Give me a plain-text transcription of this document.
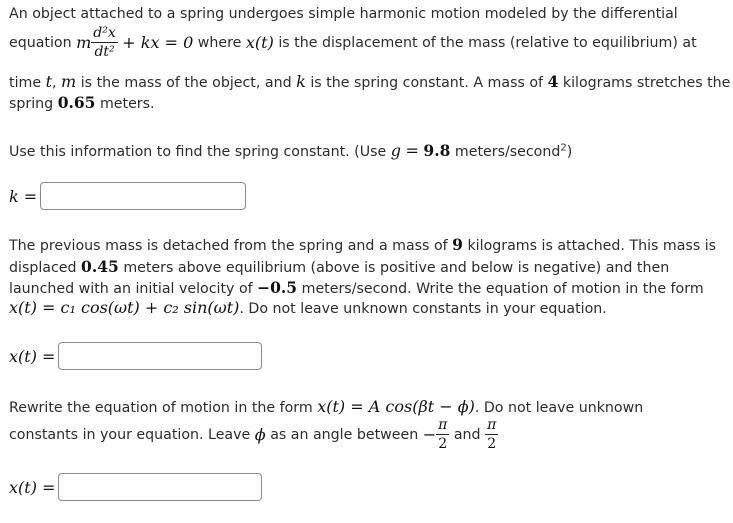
An object attached to a spring undergoes simple harmonic motion modeled by the differential
equation
m $\frac{\text{d²x}}{\text{dt²}}$
+ kx = 0
where
x(t)
is the displacement of the mass (relative to equilibrium) at
time t, m is the mass of the object, and k is the spring constant. A mass of 4 kilograms stretches the
spring 0.65 meters.
Use this information to find the spring constant. (Use g = 9.8 meters/second$^2$)
k =
The previous mass is detached from the spring and a mass of 9 kilograms is attached. This mass is
displaced 0.45 meters above equilibrium (above is positive and below is negative) and then
launched with an initial velocity of −0.5 meters/second. Write the equation of motion in the form
x(t) = c₁ cos(ωt) + c₂ sin(ωt). Do not leave unknown constants in your equation.
x(t) =
Rewrite the equation of motion in the form x(t) = A cos(βt − ϕ). Do not leave unknown
constants in your equation. Leave
ϕ
as an angle between
− $\frac{\pi}{2}$
and
$\frac{\pi}{2}$
x(t) =
